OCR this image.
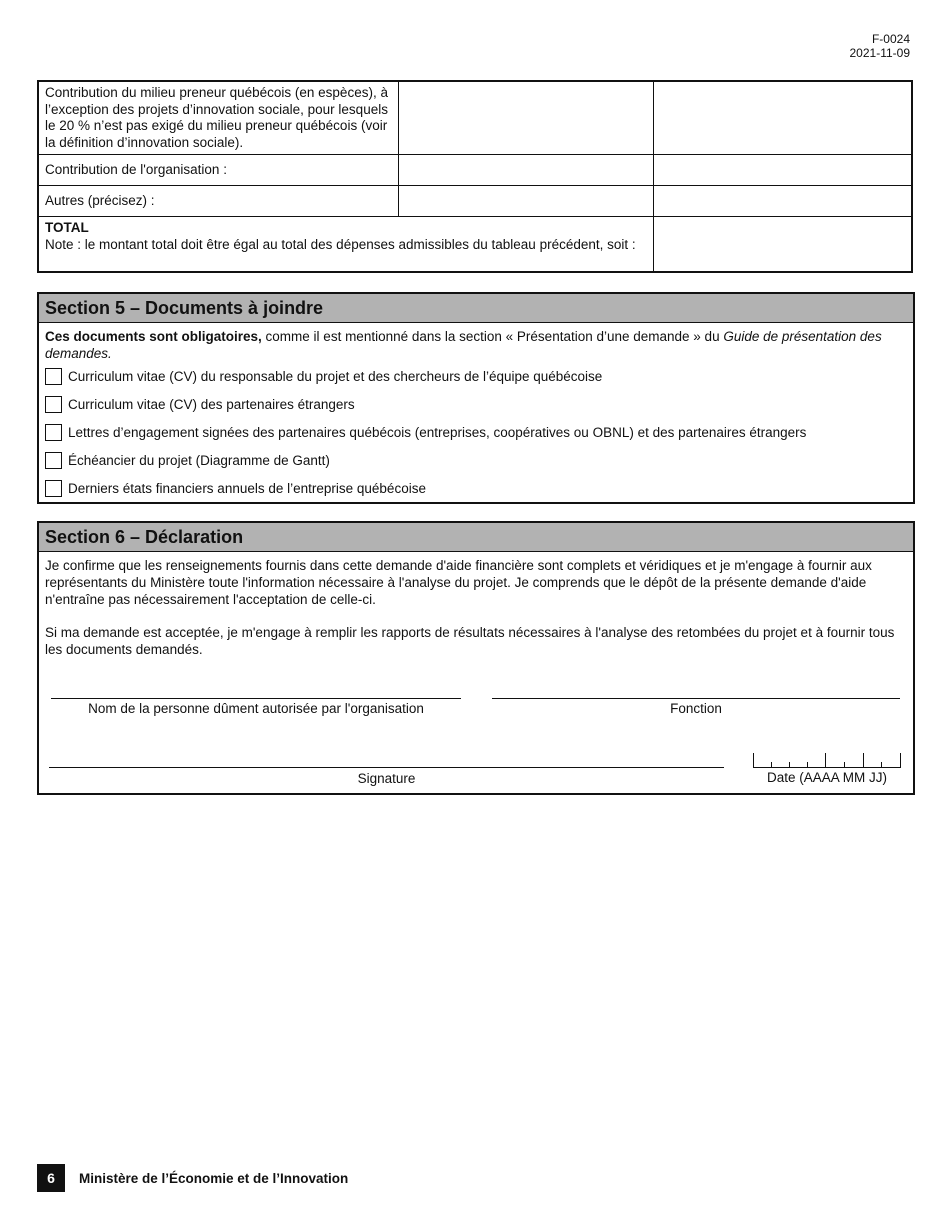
F-0024
2021-11-09
Contribution du milieu preneur québécois (en espèces), à l’exception des projets d’innovation sociale, pour lesquels le 20 % n’est pas exigé du milieu preneur québécois (voir la définition d’innovation sociale).		
Contribution de l'organisation :		
Autres (précisez) :		

TOTAL
Note : le montant total doit être égal au total des dépenses admissibles du tableau précédent, soit :		

Section 5 – Documents à joindre
Ces documents sont obligatoires, comme il est mentionné dans la section « Présentation d’une demande » du Guide de présentation des demandes.
Curriculum vitae (CV) du responsable du projet et des chercheurs de l’équipe québécoise
Curriculum vitae (CV) des partenaires étrangers
Lettres d’engagement signées des partenaires québécois (entreprises, coopératives ou OBNL) et des partenaires étrangers
Échéancier du projet (Diagramme de Gantt)
Derniers états financiers annuels de l’entreprise québécoise
Section 6 – Déclaration

Je confirme que les renseignements fournis dans cette demande d'aide financière sont complets et véridiques et je m'engage à fournir aux représentants du Ministère toute l'information nécessaire à l'analyse du projet. Je comprends que le dépôt de la présente demande d'aide n'entraîne pas nécessairement l'acceptation de celle-ci.

Si ma demande est acceptée, je m'engage à remplir les rapports de résultats nécessaires à l'analyse des retombées du projet et à fournir tous les documents demandés.

Nom de la personne dûment autorisée par l'organisation	Fonction
Signature	Date (AAAA MM JJ)
6	Ministère de l’Économie et de l’Innovation
